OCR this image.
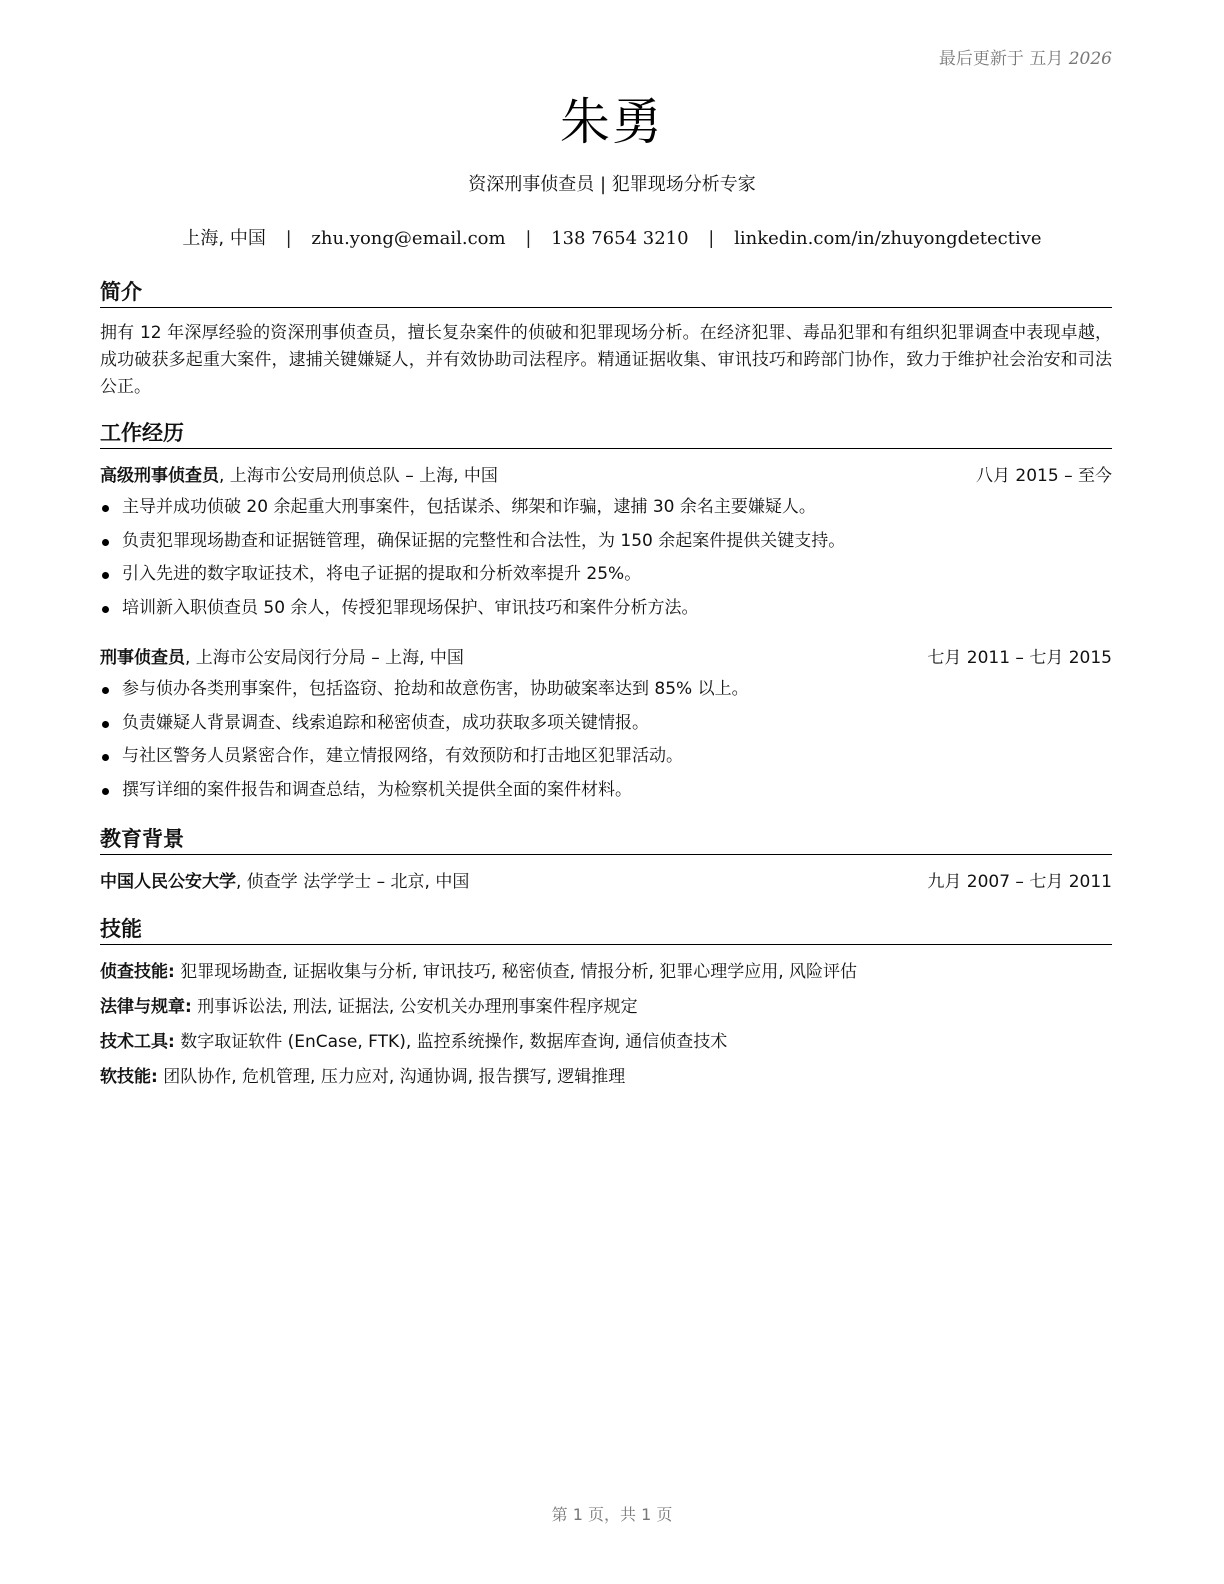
最后更新于 五月 2026
朱勇
资深刑事侦查员 | 犯罪现场分析专家
上海, 中国 | zhu.yong@email.com | 138 7654 3210 | linkedin.com/in/zhuyongdetective
简介

拥有 12 年深厚经验的资深刑事侦查员，擅长复杂案件的侦破和犯罪现场分析。在经济犯罪、毒品犯罪和有组织犯罪调查中表现卓越，成功破获多起重大案件，逮捕关键嫌疑人，并有效协助司法程序。精通证据收集、审讯技巧和跨部门协作，致力于维护社会治安和司法公正。

工作经历
高级刑事侦查员, 上海市公安局刑侦总队 – 上海, 中国	八月 2015 – 至今
主导并成功侦破 20 余起重大刑事案件，包括谋杀、绑架和诈骗，逮捕 30 余名主要嫌疑人。
负责犯罪现场勘查和证据链管理，确保证据的完整性和合法性，为 150 余起案件提供关键支持。
引入先进的数字取证技术，将电子证据的提取和分析效率提升 25%。
培训新入职侦查员 50 余人，传授犯罪现场保护、审讯技巧和案件分析方法。
刑事侦查员, 上海市公安局闵行分局 – 上海, 中国	七月 2011 – 七月 2015
参与侦办各类刑事案件，包括盗窃、抢劫和故意伤害，协助破案率达到 85% 以上。
负责嫌疑人背景调查、线索追踪和秘密侦查，成功获取多项关键情报。
与社区警务人员紧密合作，建立情报网络，有效预防和打击地区犯罪活动。
撰写详细的案件报告和调查总结，为检察机关提供全面的案件材料。
教育背景
中国人民公安大学, 侦查学 法学学士 – 北京, 中国	九月 2007 – 七月 2011
技能
侦查技能: 犯罪现场勘查, 证据收集与分析, 审讯技巧, 秘密侦查, 情报分析, 犯罪心理学应用, 风险评估
法律与规章: 刑事诉讼法, 刑法, 证据法, 公安机关办理刑事案件程序规定
技术工具: 数字取证软件 (EnCase, FTK), 监控系统操作, 数据库查询, 通信侦查技术
软技能: 团队协作, 危机管理, 压力应对, 沟通协调, 报告撰写, 逻辑推理
第 1 页，共 1 页
